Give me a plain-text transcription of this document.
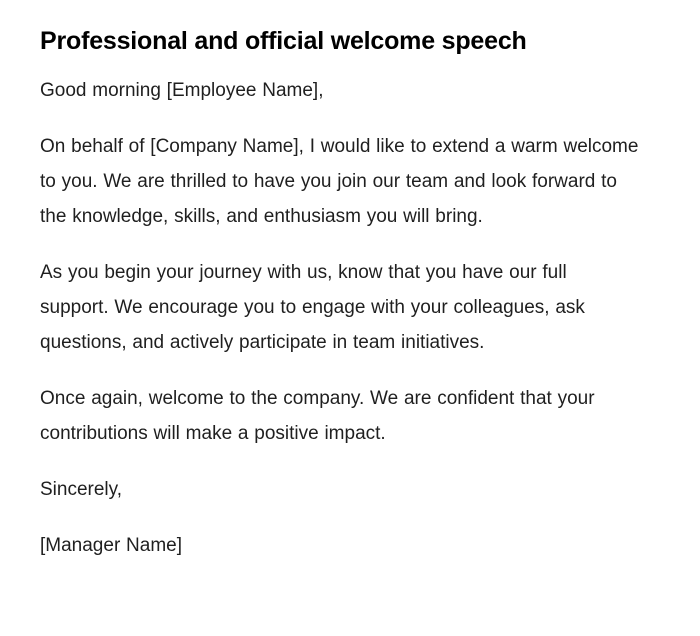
Professional and official welcome speech

Good morning [Employee Name],

On behalf of [Company Name], I would like to extend a warm welcome to you. We are thrilled to have you join our team and look forward to the knowledge, skills, and enthusiasm you will bring.

As you begin your journey with us, know that you have our full support. We encourage you to engage with your colleagues, ask questions, and actively participate in team initiatives.

Once again, welcome to the company. We are confident that your contributions will make a positive impact.

Sincerely,

[Manager Name]
